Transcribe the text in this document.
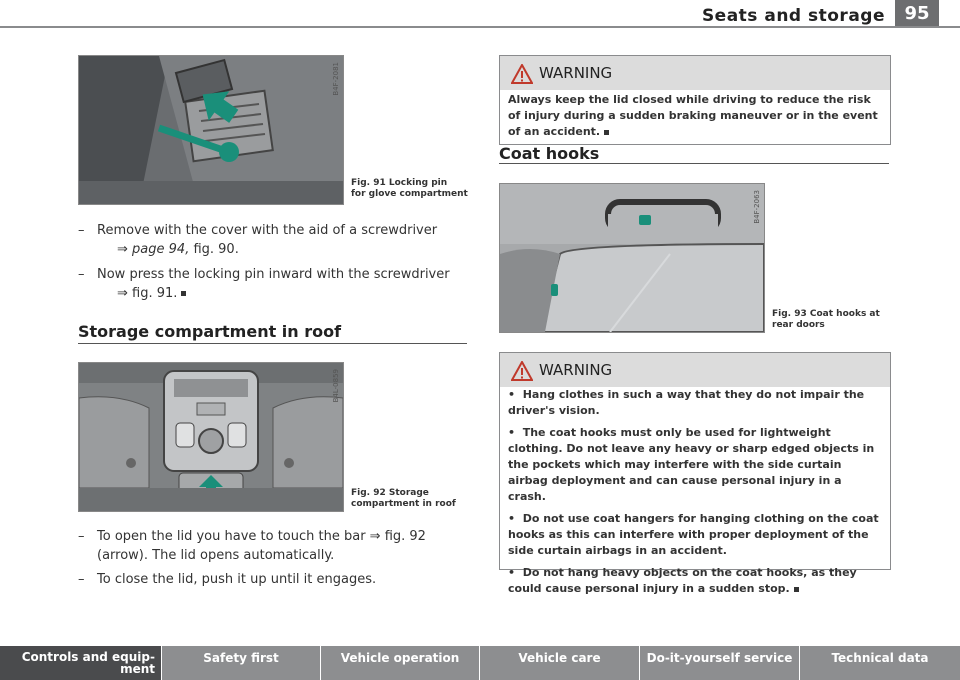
Seats and storage	95
B4F-2081
Fig. 91 Locking pin
for glove compartment
– Remove with the cover with the aid of a screwdriver
⇒ page 94, fig. 90.
– Now press the locking pin inward with the screwdriver
⇒ fig. 91.
Storage compartment in roof
B4L-0859
Fig. 92 Storage
compartment in roof
– To open the lid you have to touch the bar ⇒ fig. 92
(arrow). The lid opens automatically.
– To close the lid, push it up until it engages.
WARNING
Always keep the lid closed while driving to reduce the risk of injury during a sudden braking maneuver or in the event of an accident.
Coat hooks
B4F-2063
Fig. 93 Coat hooks at
rear doors
WARNING

• Hang clothes in such a way that they do not impair the driver's vision.

• The coat hooks must only be used for lightweight clothing. Do not leave any heavy or sharp edged objects in the pockets which may interfere with the side curtain airbag deployment and can cause personal injury in a crash.

• Do not use coat hangers for hanging clothing on the coat hooks as this can interfere with proper deployment of the side curtain airbags in an accident.

• Do not hang heavy objects on the coat hooks, as they could cause personal injury in a sudden stop.

Controls and equip-
ment
Safety first	Vehicle operation	Vehicle care	Do-it-yourself service	Technical data
